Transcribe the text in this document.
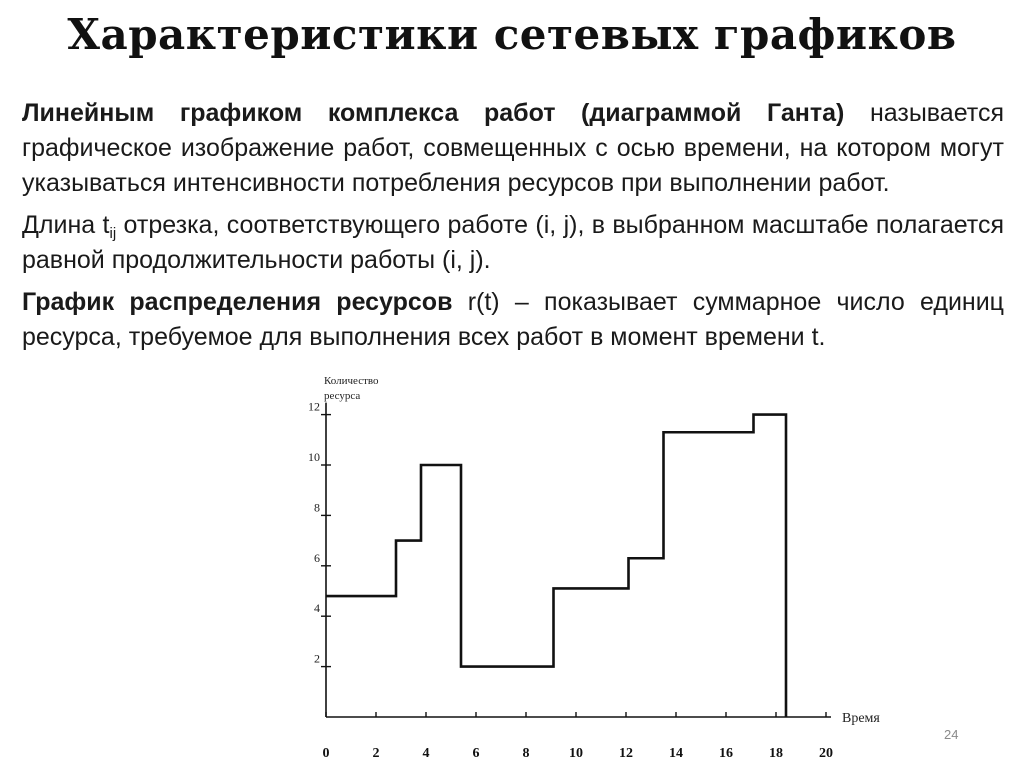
Характеристики сетевых графиков

Линейным графиком комплекса работ (диаграммой Ганта) называется графическое изображение работ, совмещенных с осью времени, на котором могут указываться интенсивности потребления ресурсов при выполнении работ.

Длина $t_{ij}$ отрезка, соответствующего работе (i, j), в выбранном масштабе полагается равной продолжительности работы (i, j).

График распределения ресурсов r(t) – показывает суммарное число единиц ресурса, требуемое для выполнения всех работ в момент времени t.

Количество
ресурса
Время
2
4
6
8
10
12
0	2	4	6	8	10	12	14	16	18	20
24
